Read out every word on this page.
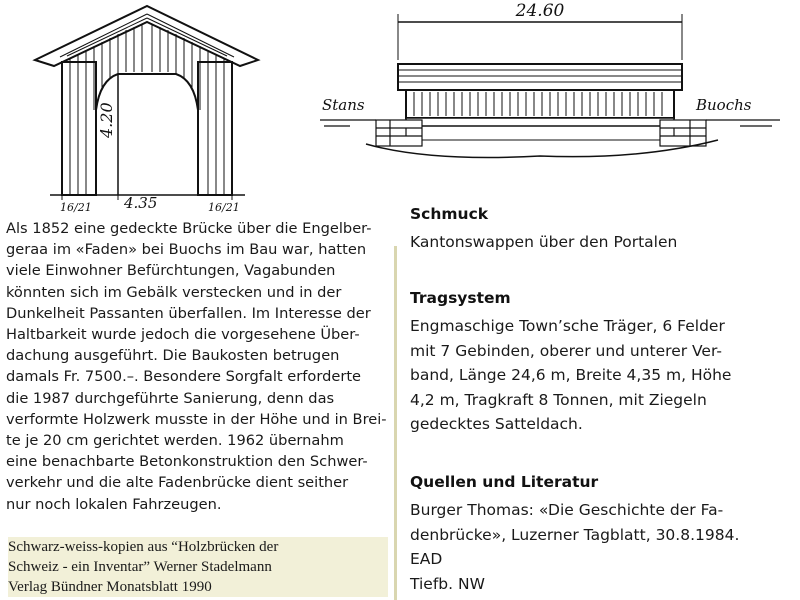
4.20
4.35
16/21	16/21
24.60
Stans	Buochs

Als 1852 eine gedeckte Brücke über die Engelber-

geraa im «Faden» bei Buochs im Bau war, hatten

viele Einwohner Befürchtungen, Vagabunden

könnten sich im Gebälk verstecken und in der

Dunkelheit Passanten überfallen. Im Interesse der

Haltbarkeit wurde jedoch die vorgesehene Über-

dachung ausgeführt. Die Baukosten betrugen

damals Fr. 7500.–. Besondere Sorgfalt erforderte

die 1987 durchgeführte Sanierung, denn das

verformte Holzwerk musste in der Höhe und in Brei-

te je 20 cm gerichtet werden. 1962 übernahm

eine benachbarte Betonkonstruktion den Schwer-

verkehr und die alte Fadenbrücke dient seither

nur noch lokalen Fahrzeugen.

Schwarz-weiss-kopien aus “Holzbrücken der
Schweiz - ein Inventar” Werner Stadelmann
Verlag Bündner Monatsblatt 1990

Schmuck

Kantonswappen über den Portalen

Tragsystem

Engmaschige Town’sche Träger, 6 Felder

mit 7 Gebinden, oberer und unterer Ver-

band, Länge 24,6 m, Breite 4,35 m, Höhe

4,2 m, Tragkraft 8 Tonnen, mit Ziegeln

gedecktes Satteldach.

Quellen und Literatur

Burger Thomas: «Die Geschichte der Fa-

denbrücke», Luzerner Tagblatt, 30.8.1984.

EAD

Tiefb. NW
